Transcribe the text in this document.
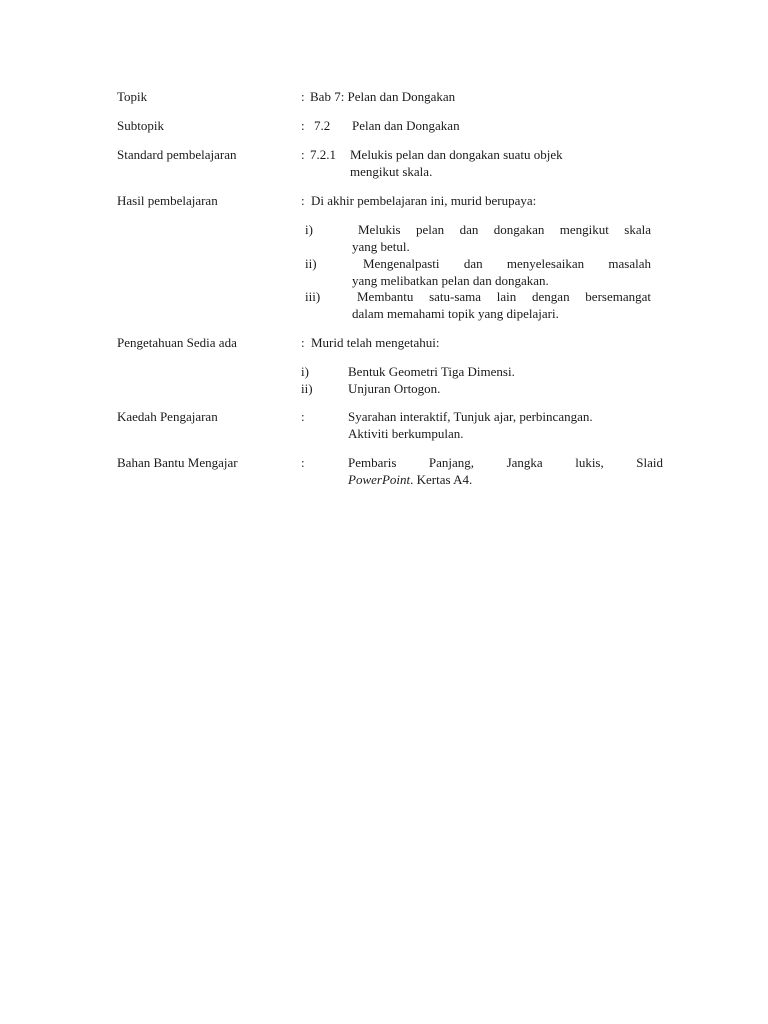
Topik	: Bab 7: Pelan dan Dongakan
Subtopik	: 7.2 Pelan dan Dongakan
Standard pembelajaran	: 7.2.1 Melukis pelan dan dongakan suatu objek
mengikut skala.
Hasil pembelajaran	: Di akhir pembelajaran ini, murid berupaya:
i)	Melukis pelan dan dongakan mengikut skala
yang betul.
ii)	Mengenalpasti dan menyelesaikan masalah
yang melibatkan pelan dan dongakan.
iii)	Membantu satu-sama lain dengan bersemangat
dalam memahami topik yang dipelajari.
Pengetahuan Sedia ada	: Murid telah mengetahui:
i)	Bentuk Geometri Tiga Dimensi.
ii)	Unjuran Ortogon.
Kaedah Pengajaran	:	Syarahan interaktif, Tunjuk ajar, perbincangan.
Aktiviti berkumpulan.
Bahan Bantu Mengajar	:	Pembaris Panjang, Jangka lukis, Slaid
PowerPoint. Kertas A4.
